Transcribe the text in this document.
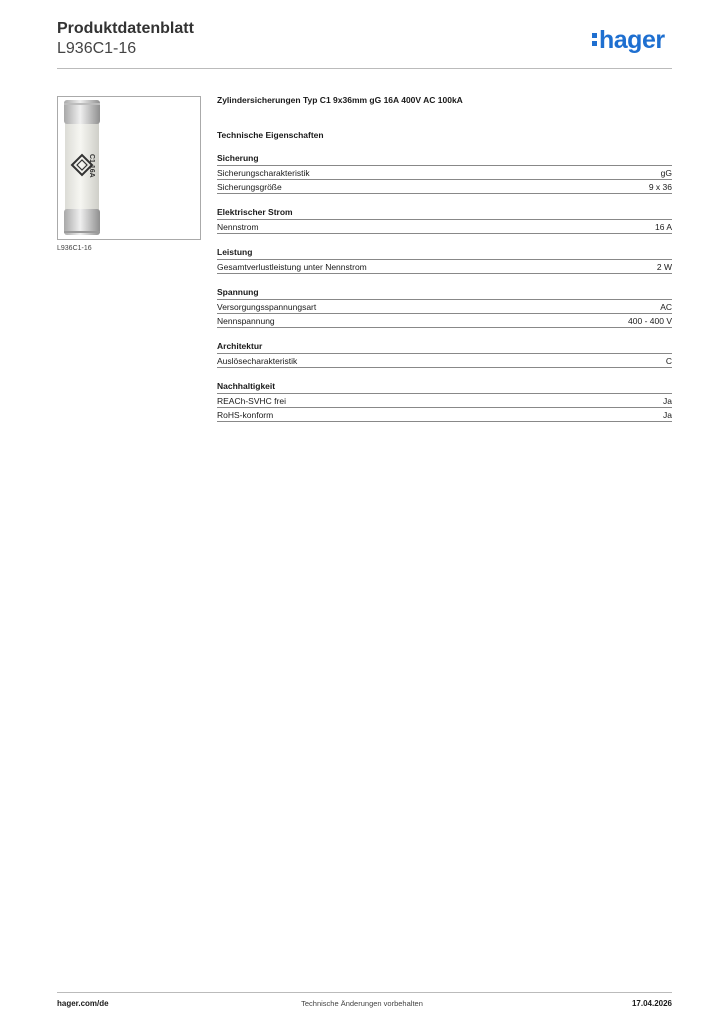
Produktdatenblatt
L936C1-16	hager
C1 16A
L936C1-16
Zylindersicherungen Typ C1 9x36mm gG 16A 400V AC 100kA
Technische Eigenschaften
Sicherung
Sicherungscharakteristik	gG
Sicherungsgröße	9 x 36
Elektrischer Strom
Nennstrom	16 A
Leistung
Gesamtverlustleistung unter Nennstrom	2 W
Spannung
Versorgungsspannungsart	AC
Nennspannung	400 - 400 V
Architektur
Auslösecharakteristik	C
Nachhaltigkeit
REACh-SVHC frei	Ja
RoHS-konform	Ja
hager.com/de	Technische Änderungen vorbehalten	17.04.2026
